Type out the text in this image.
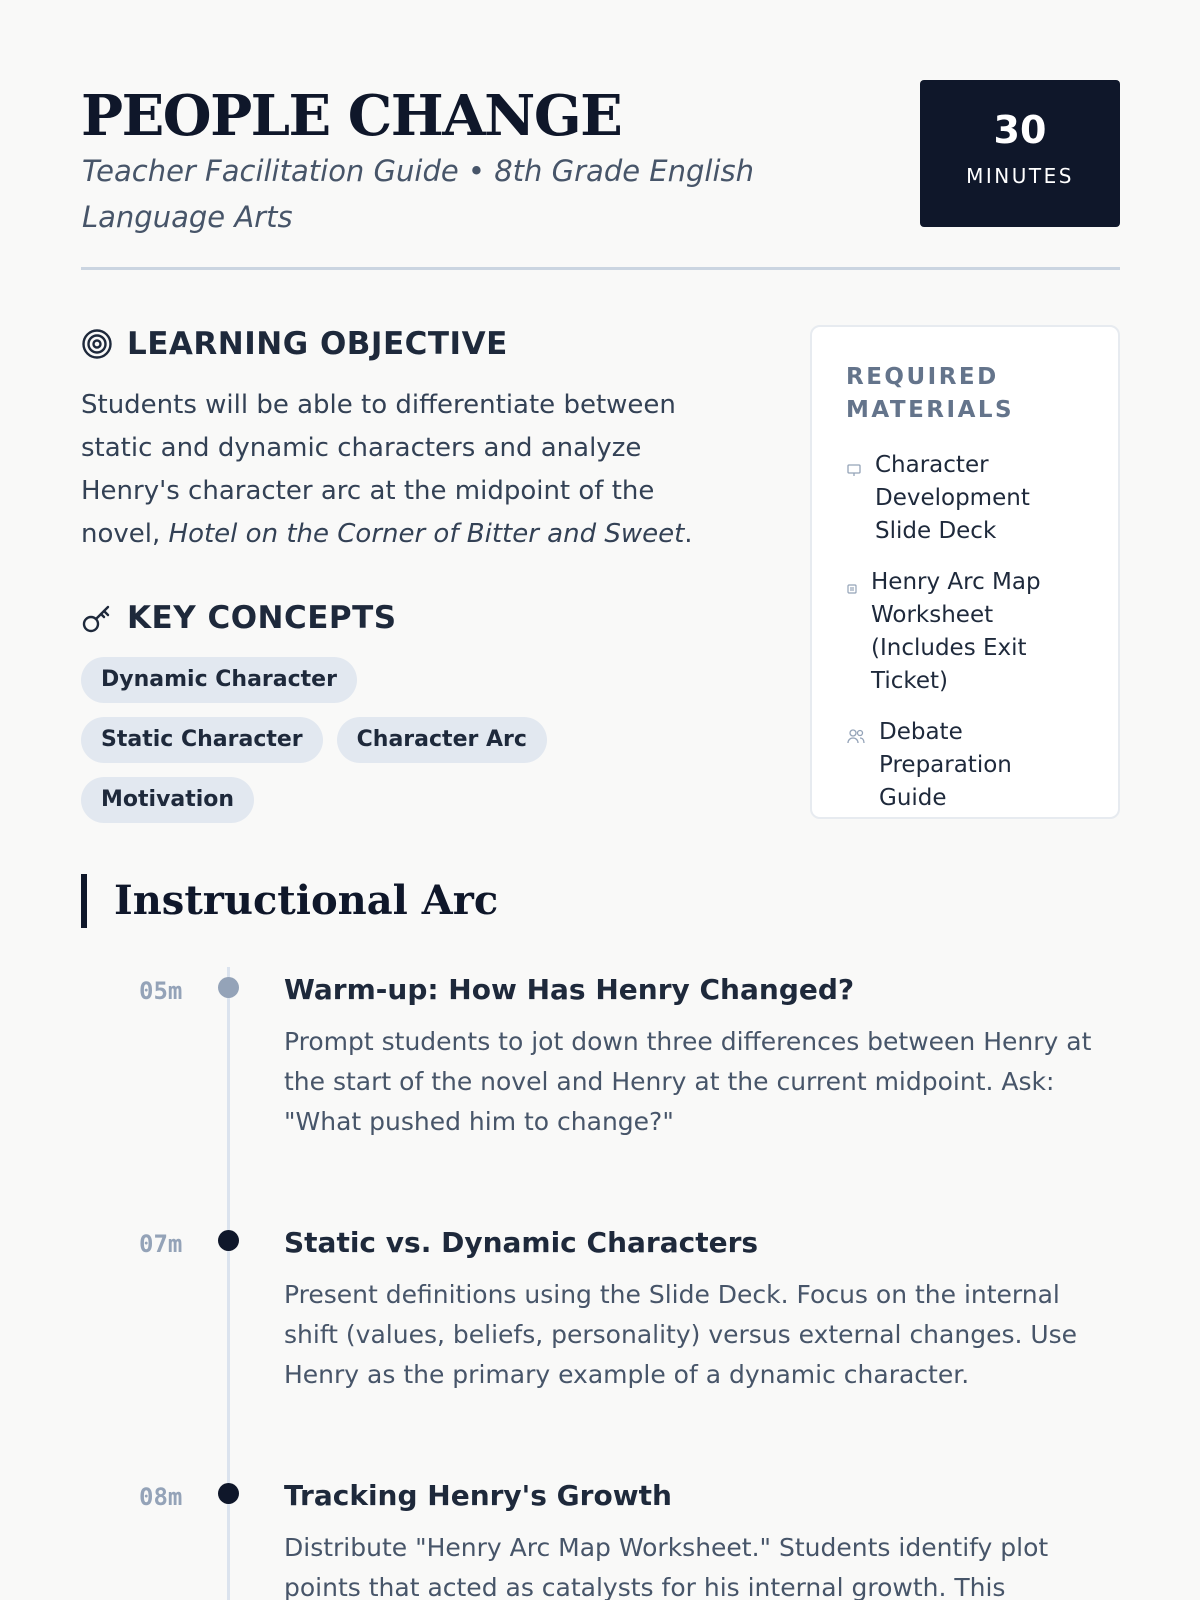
PEOPLE CHANGE

Teacher Facilitation Guide • 8th Grade English Language Arts

30
MINUTES
LEARNING OBJECTIVE

Students will be able to differentiate between static and dynamic characters and analyze Henry's character arc at the midpoint of the novel, Hotel on the Corner of Bitter and Sweet.

KEY CONCEPTS
Dynamic Character
Static Character	Character Arc
Motivation
REQUIRED MATERIALS
Character Development Slide Deck
Henry Arc Map Worksheet (Includes Exit Ticket)
Debate Preparation Guide
Instructional Arc
05m	Warm-up: How Has Henry Changed?

Prompt students to jot down three differences between Henry at the start of the novel and Henry at the current midpoint. Ask: "What pushed him to change?"

07m	Static vs. Dynamic Characters

Present definitions using the Slide Deck. Focus on the internal shift (values, beliefs, personality) versus external changes. Use Henry as the primary example of a dynamic character.

08m	Tracking Henry's Growth

Distribute "Henry Arc Map Worksheet." Students identify plot points that acted as catalysts for his internal growth. This
